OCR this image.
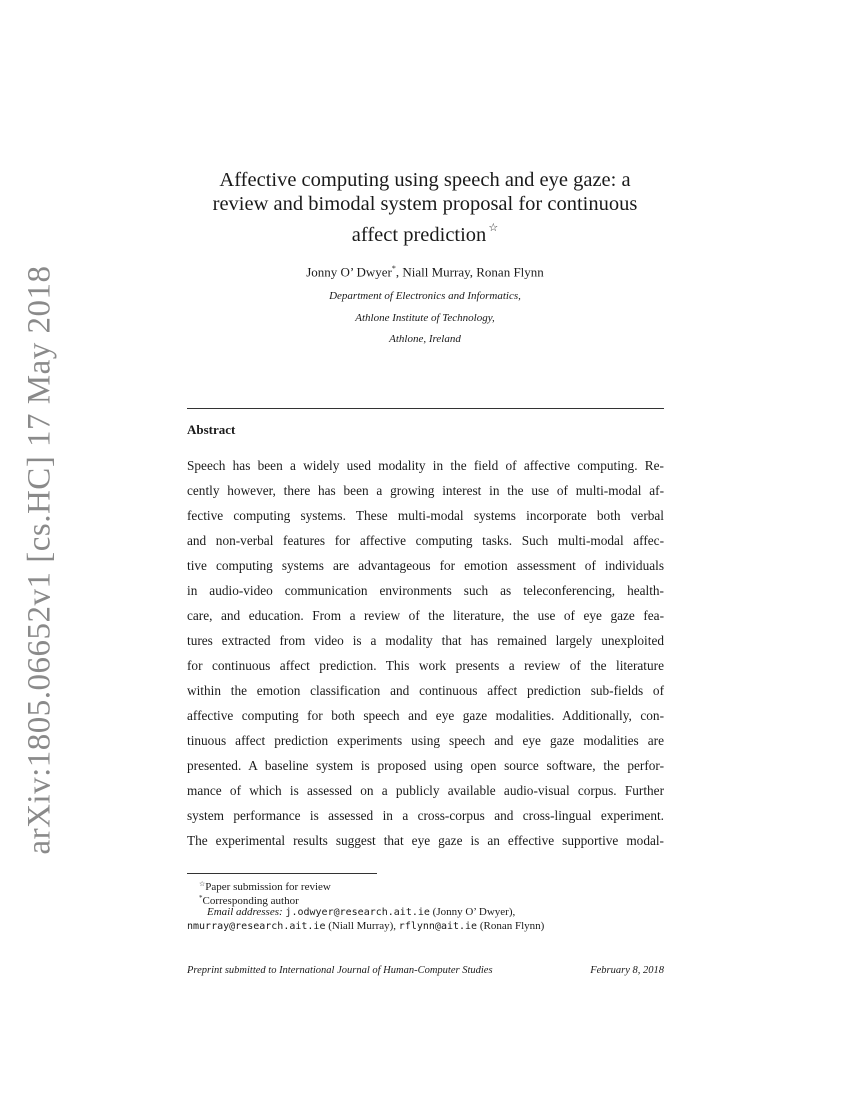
arXiv:1805.06652v1 [cs.HC] 17 May 2018
Affective computing using speech and eye gaze: a
review and bimodal system proposal for continuous
affect prediction ☆
Jonny O’ Dwyer*, Niall Murray, Ronan Flynn
Department of Electronics and Informatics,
Athlone Institute of Technology,
Athlone, Ireland
Abstract
Speech has been a widely used modality in the field of affective computing. Re-
cently however, there has been a growing interest in the use of multi-modal af-
fective computing systems. These multi-modal systems incorporate both verbal
and non-verbal features for affective computing tasks. Such multi-modal affec-
tive computing systems are advantageous for emotion assessment of individuals
in audio-video communication environments such as teleconferencing, health-
care, and education. From a review of the literature, the use of eye gaze fea-
tures extracted from video is a modality that has remained largely unexploited
for continuous affect prediction. This work presents a review of the literature
within the emotion classification and continuous affect prediction sub-fields of
affective computing for both speech and eye gaze modalities. Additionally, con-
tinuous affect prediction experiments using speech and eye gaze modalities are
presented. A baseline system is proposed using open source software, the perfor-
mance of which is assessed on a publicly available audio-visual corpus. Further
system performance is assessed in a cross-corpus and cross-lingual experiment.
The experimental results suggest that eye gaze is an effective supportive modal-
☆Paper submission for review
*Corresponding author
Email addresses: j.odwyer@research.ait.ie (Jonny O’ Dwyer),
nmurray@research.ait.ie (Niall Murray), rflynn@ait.ie (Ronan Flynn)
Preprint submitted to International Journal of Human-Computer Studies	February 8, 2018
